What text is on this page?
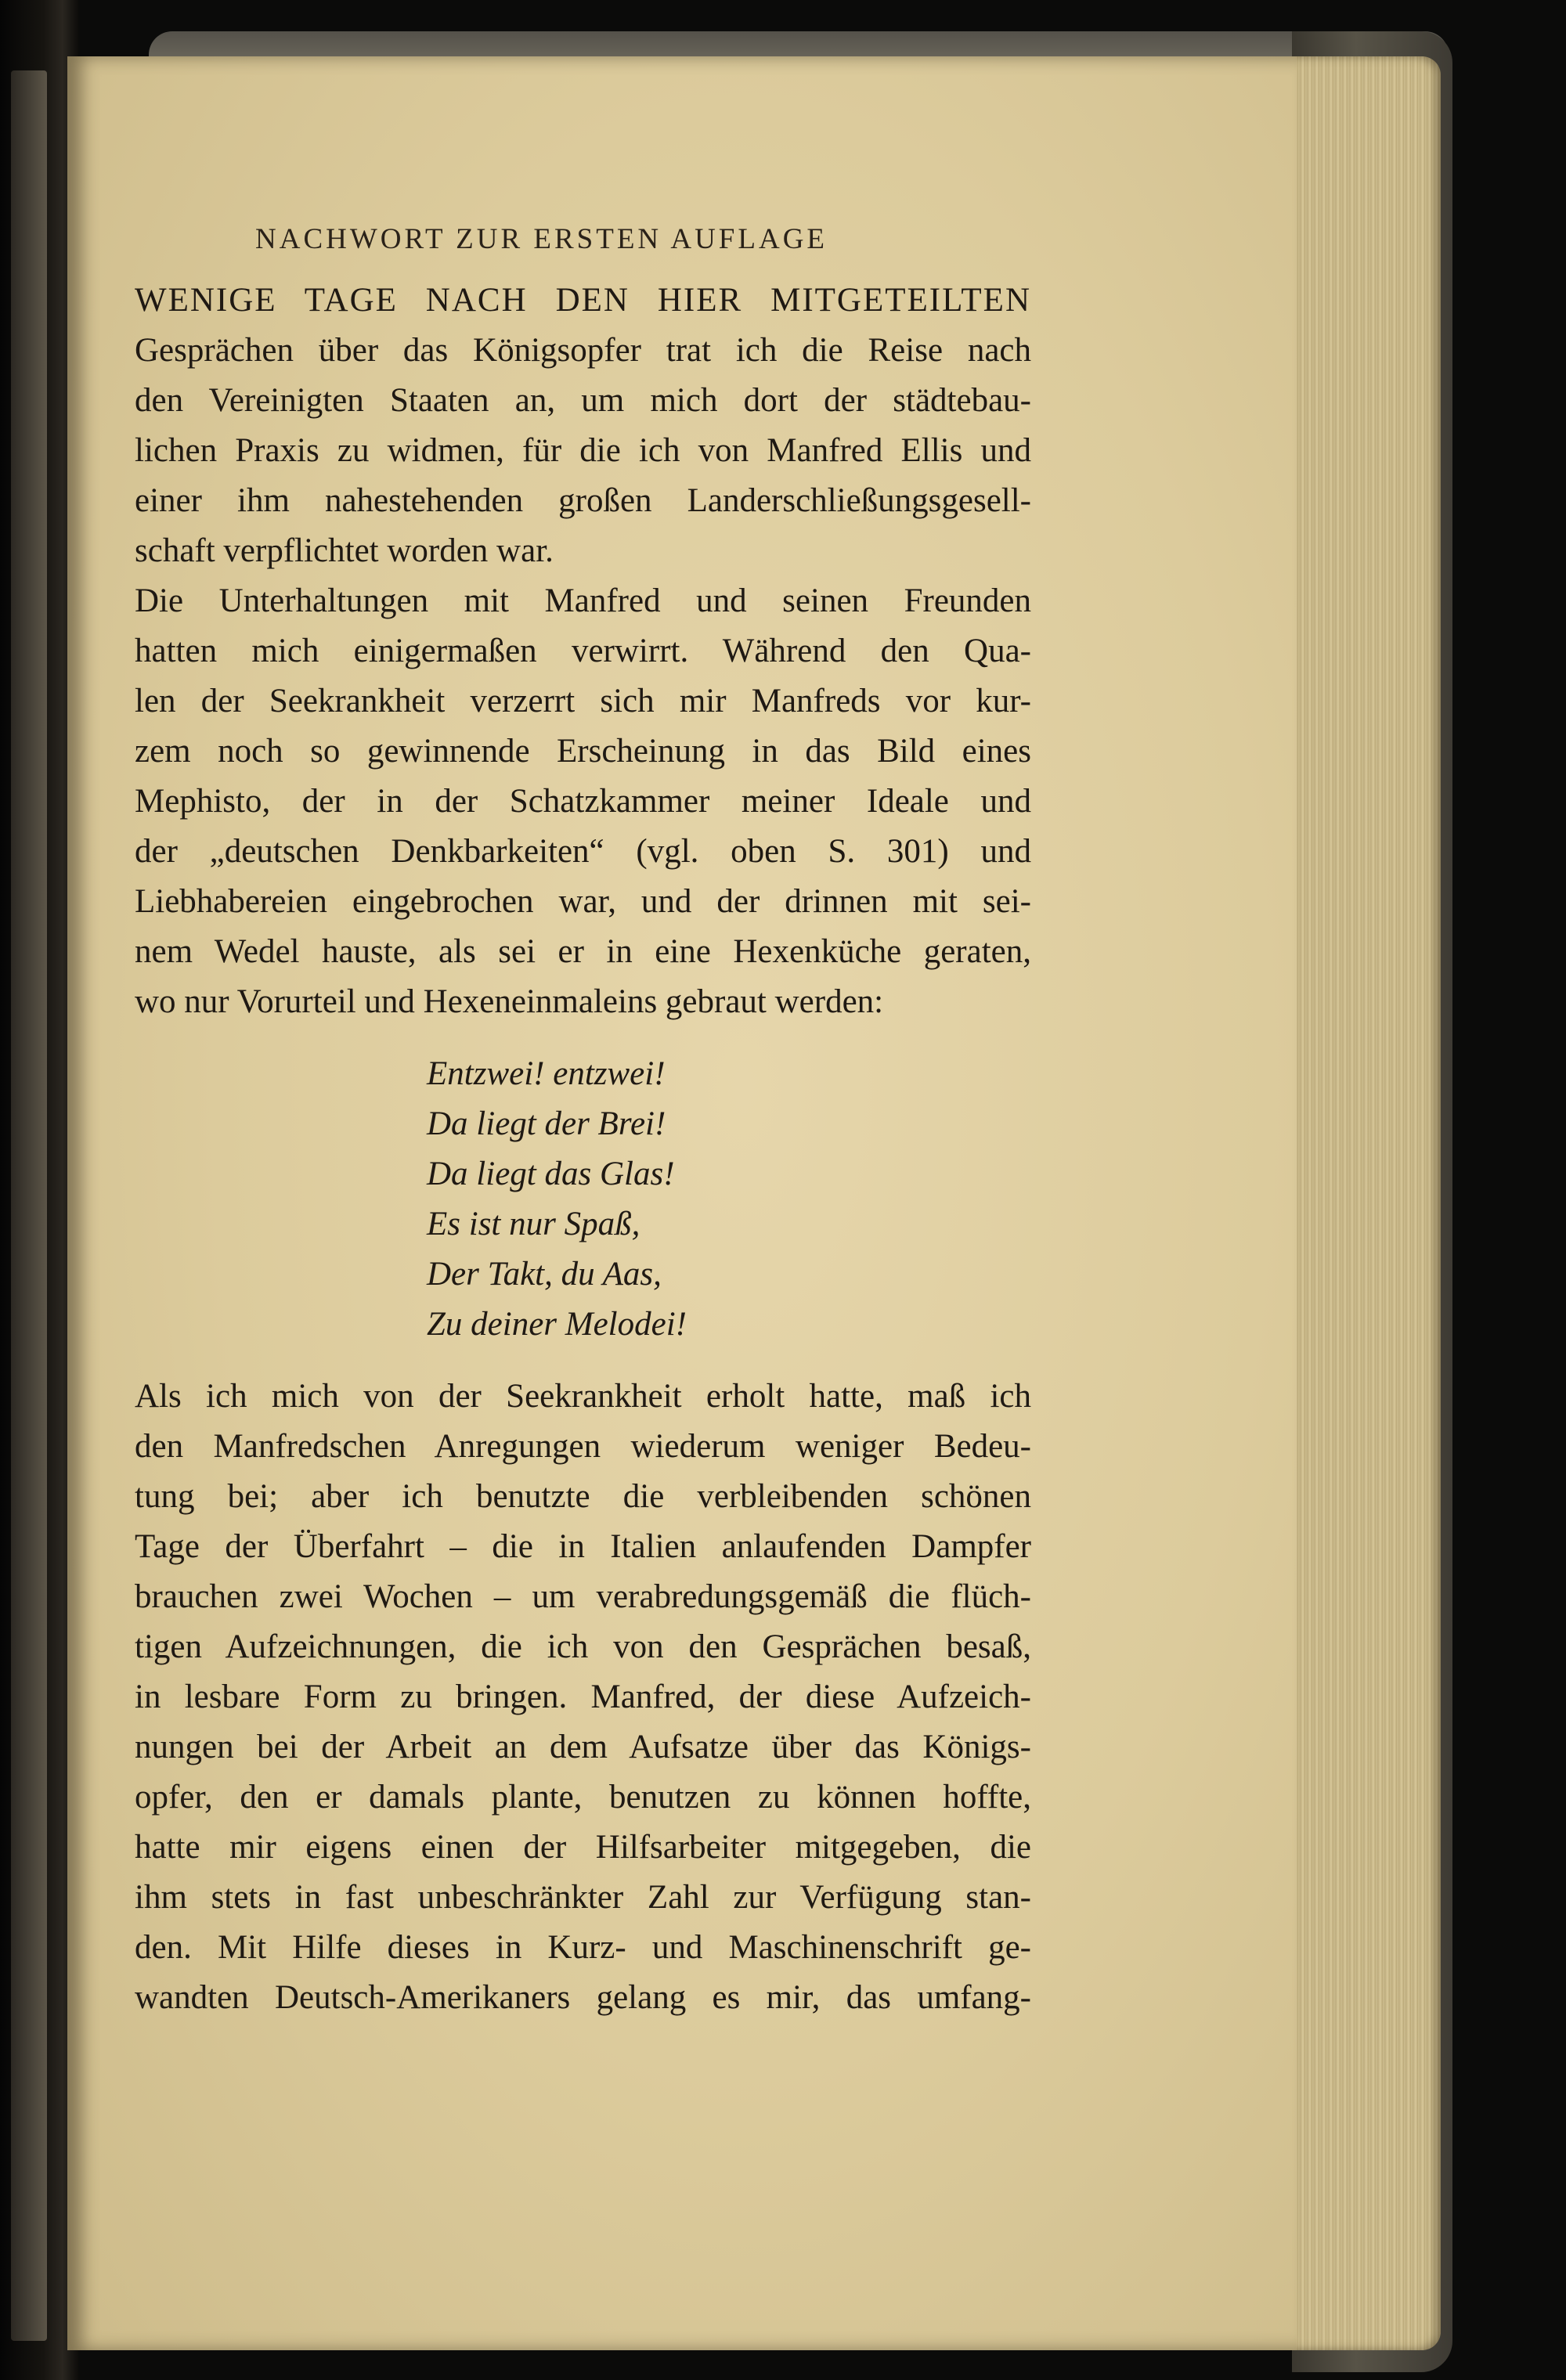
NACHWORT ZUR ERSTEN AUFLAGE
WENIGE TAGE NACH DEN HIER MITGETEILTEN
Gesprächen über das Königsopfer trat ich die Reise nach
den Vereinigten Staaten an, um mich dort der städtebau-
lichen Praxis zu widmen, für die ich von Manfred Ellis und
einer ihm nahestehenden großen Landerschließungsgesell-
schaft verpflichtet worden war.
Die Unterhaltungen mit Manfred und seinen Freunden
hatten mich einigermaßen verwirrt. Während den Qua-
len der Seekrankheit verzerrt sich mir Manfreds vor kur-
zem noch so gewinnende Erscheinung in das Bild eines
Mephisto, der in der Schatzkammer meiner Ideale und
der „deutschen Denkbarkeiten“ (vgl. oben S. 301) und
Liebhabereien eingebrochen war, und der drinnen mit sei-
nem Wedel hauste, als sei er in eine Hexenküche geraten,
wo nur Vorurteil und Hexeneinmaleins gebraut werden:
Entzwei! entzwei!
Da liegt der Brei!
Da liegt das Glas!
Es ist nur Spaß,
Der Takt, du Aas,
Zu deiner Melodei!
Als ich mich von der Seekrankheit erholt hatte, maß ich
den Manfredschen Anregungen wiederum weniger Bedeu-
tung bei; aber ich benutzte die verbleibenden schönen
Tage der Überfahrt – die in Italien anlaufenden Dampfer
brauchen zwei Wochen – um verabredungsgemäß die flüch-
tigen Aufzeichnungen, die ich von den Gesprächen besaß,
in lesbare Form zu bringen. Manfred, der diese Aufzeich-
nungen bei der Arbeit an dem Aufsatze über das Königs-
opfer, den er damals plante, benutzen zu können hoffte,
hatte mir eigens einen der Hilfsarbeiter mitgegeben, die
ihm stets in fast unbeschränkter Zahl zur Verfügung stan-
den. Mit Hilfe dieses in Kurz- und Maschinenschrift ge-
wandten Deutsch-Amerikaners gelang es mir, das umfang-
